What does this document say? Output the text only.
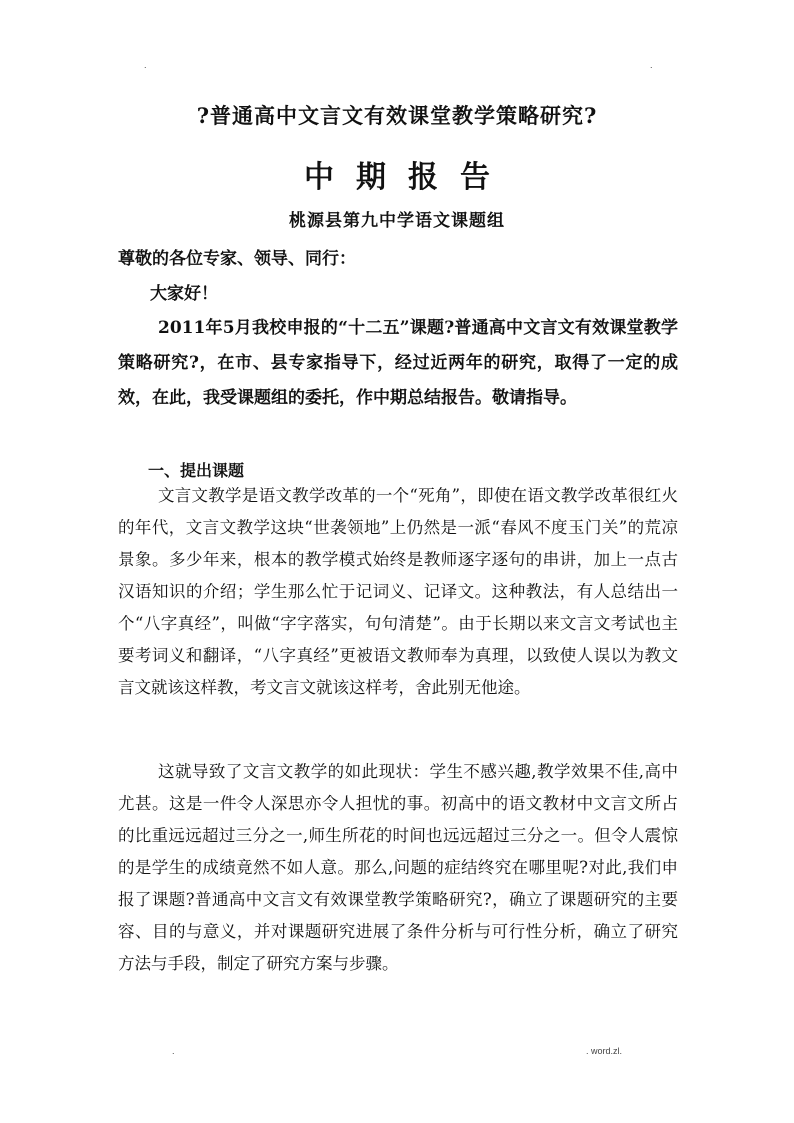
.	.
?普通高中文言文有效课堂教学策略研究?
中期报告
桃源县第九中学语文课题组

尊敬的各位专家、领导、同行：

大家好！

2011年5月我校申报的“十二五”课题?普通高中文言文有效课堂教学策略研究?，在市、县专家指导下，经过近两年的研究，取得了一定的成效，在此，我受课题组的委托，作中期总结报告。敬请指导。

一、提出课题

文言文教学是语文教学改革的一个“死角”，即使在语文教学改革很红火的年代，文言文教学这块“世袭领地”上仍然是一派“春风不度玉门关”的荒凉景象。多少年来，根本的教学模式始终是教师逐字逐句的串讲，加上一点古汉语知识的介绍；学生那么忙于记词义、记译文。这种教法，有人总结出一个“八字真经”，叫做“字字落实，句句清楚”。由于长期以来文言文考试也主要考词义和翻译，“八字真经”更被语文教师奉为真理，以致使人误以为教文言文就该这样教，考文言文就该这样考，舍此别无他途。

这就导致了文言文教学的如此现状：学生不感兴趣,教学效果不佳,高中尤甚。这是一件令人深思亦令人担忧的事。初高中的语文教材中文言文所占的比重远远超过三分之一,师生所花的时间也远远超过三分之一。但令人震惊的是学生的成绩竟然不如人意。那么,问题的症结终究在哪里呢?对此,我们申报了课题?普通高中文言文有效课堂教学策略研究?，确立了课题研究的主要容、目的与意义，并对课题研究进展了条件分析与可行性分析，确立了研究方法与手段，制定了研究方案与步骤。

.	. word.zl.
